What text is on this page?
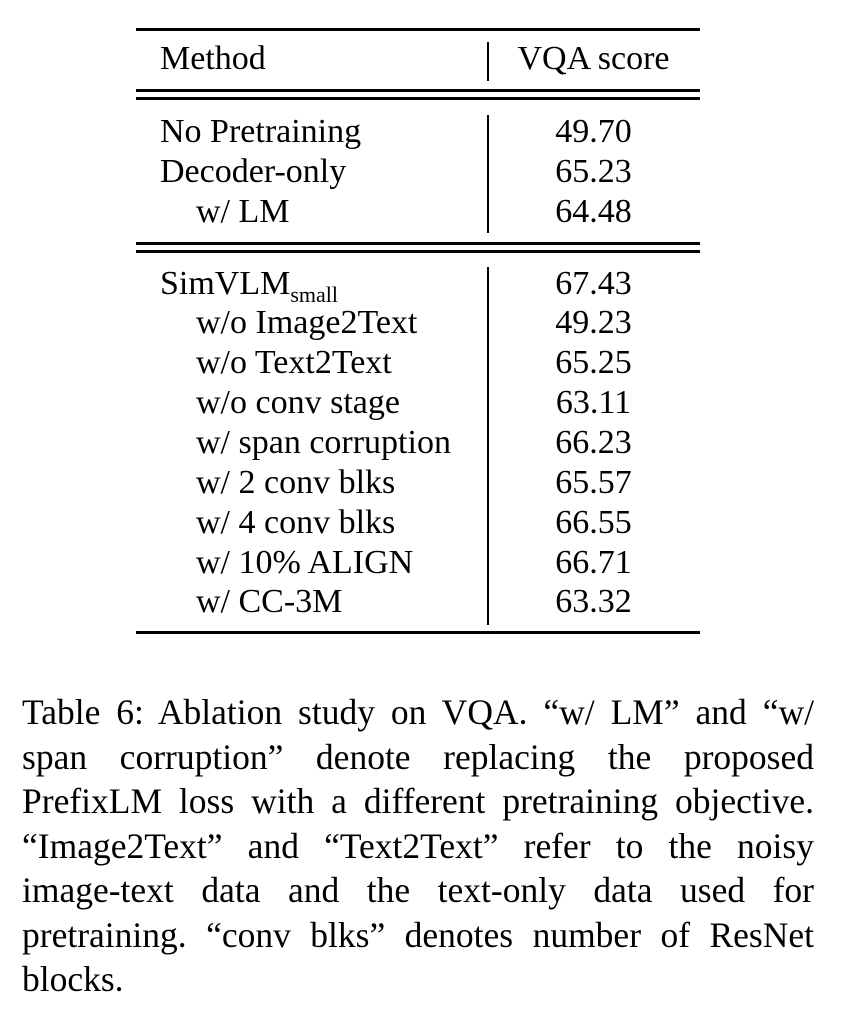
Method	VQA score
No Pretraining	49.70
Decoder-only	65.23
w/ LM	64.48
SimVLM$_{small}$	67.43
w/o Image2Text	49.23
w/o Text2Text	65.25
w/o conv stage	63.11
w/ span corruption	66.23
w/ 2 conv blks	65.57
w/ 4 conv blks	66.55
w/ 10% ALIGN	66.71
w/ CC-3M	63.32
Table 6: Ablation study on VQA. “w/ LM” and “w/ span corruption” denote replacing the proposed PrefixLM loss with a different pretraining objective. “Image2Text” and “Text2Text” refer to the noisy image-text data and the text-only data used for pretraining. “conv blks” denotes number of ResNet blocks.
